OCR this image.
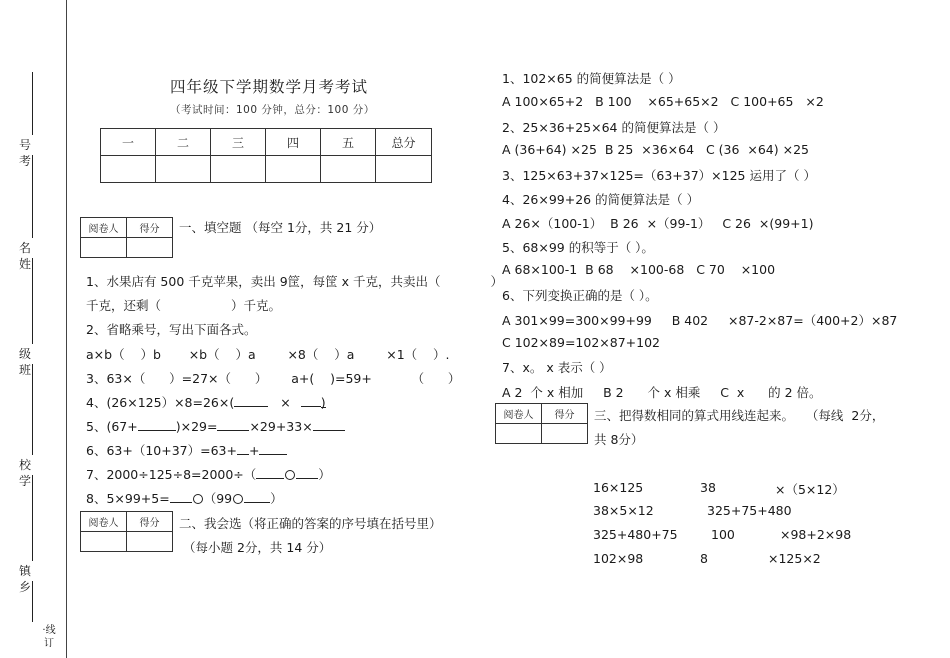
号考
名姓
级班
校学
镇乡
·线订
四年级下学期数学月考考试
（考试时间：100 分钟，总分：100 分）
一	二	三	四	五	总分

阅卷人	得分
	一、填空题 （每空 1分，共 21 分）
1、水果店有 500 千克苹果，卖出 9筐，每筐 x 千克，共卖出（	）
千克，还剩（	）千克。
2、省略乘号，写出下面各式。
a×b（    ）b       ×b（    ）a        ×8（    ）a        ×1（    ）.
3、63×（      ）=27×（      ）      a+(    )=59+          （      ）
4、(26×125）×8=26×(	× )
5、(67+	)×29=	×29+33×
6、63+（10+37）=63+ +
7、2000÷125÷8=2000÷（	）
8、5×99+5=	（99	）
阅卷人	得分
	二、我会选（将正确的答案的序号填在括号里）
（每小题 2分，共 14 分）
1、102×65 的简便算法是（ ）
A 100×65+2   B 100    ×65+65×2   C 100+65   ×2
2、25×36+25×64 的简便算法是（ ）
A (36+64) ×25  B 25  ×36×64   C (36  ×64) ×25
3、125×63+37×125=（63+37）×125 运用了（ ）
4、26×99+26 的简便算法是（ ）
A 26×（100-1）  B 26  ×（99-1）   C 26  ×(99+1)
5、68×99 的积等于（ ）。
A 68×100-1  B 68    ×100-68   C 70    ×100
6、下列变换正确的是（ ）。
A 301×99=300×99+99     B 402     ×87-2×87=（400+2）×87
C 102×89=102×87+102
7、x。 x 表示（ ）
A 2  个 x 相加     B 2      个 x 相乘     C  x      的 2 倍。
阅卷人	得分
	三、把得数相同的算式用线连起来。   （每线  2分，
共 8分）
16×125	38	×（5×12）
38×5×12	325+75+480
325+480+75	100	×98+2×98
102×98	8	×125×2
